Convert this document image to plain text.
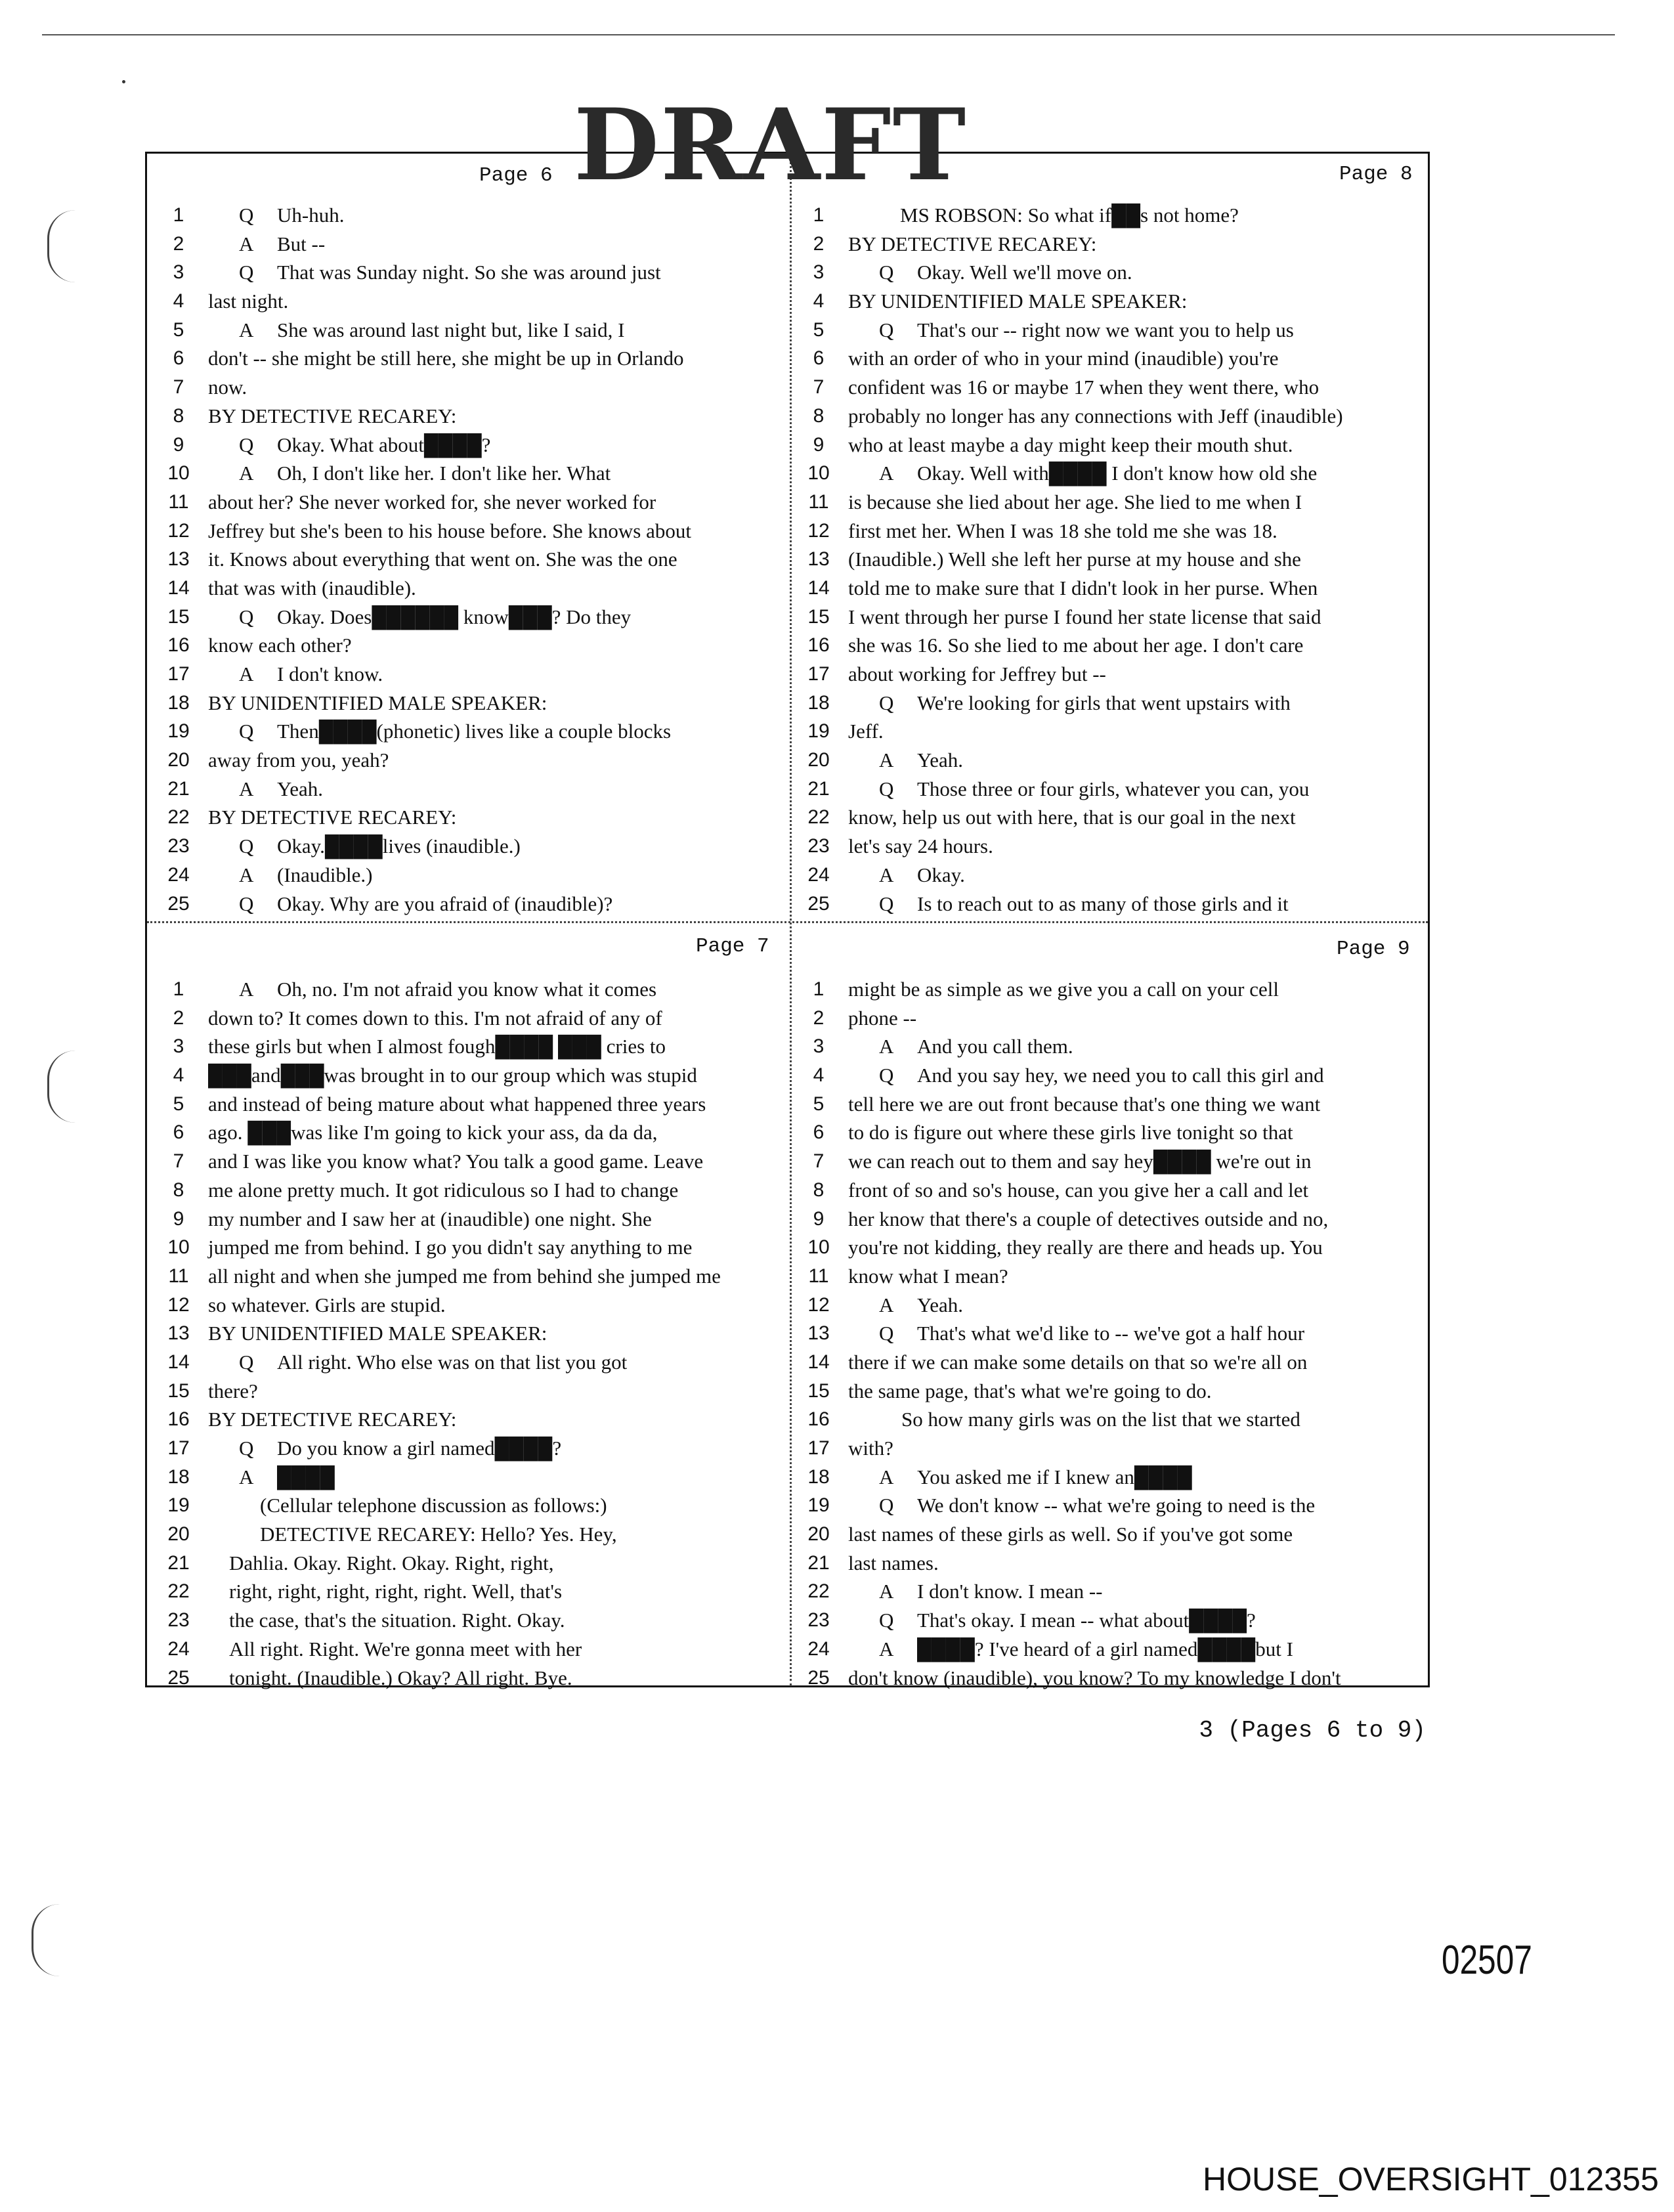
DRAFT
Page 6	Page 8
Page 7	Page 9
1	Q Uh-huh.
2	A But --
3	Q That was Sunday night. So she was around just
4	last night.
5	A She was around last night but, like I said, I
6	don't -- she might be still here, she might be up in Orlando
7	now.
8	BY DETECTIVE RECAREY:
9	Q Okay. What about████?
10	A Oh, I don't like her. I don't like her. What
11 about her? She never worked for, she never worked for
12 Jeffrey but she's been to his house before. She knows about
13 it. Knows about everything that went on. She was the one
14 that was with (inaudible).
15	Q Okay. Does██████ know███? Do they
16 know each other?
17	A I don't know.
18 BY UNIDENTIFIED MALE SPEAKER:
19	Q Then████(phonetic) lives like a couple blocks
20 away from you, yeah?
21	A Yeah.
22 BY DETECTIVE RECAREY:
23	Q Okay.████lives (inaudible.)
24	A (Inaudible.)
25	Q Okay. Why are you afraid of (inaudible)?
1	MS ROBSON: So what if██s not home?
2	BY DETECTIVE RECAREY:
3	Q Okay. Well we'll move on.
4	BY UNIDENTIFIED MALE SPEAKER:
5	Q That's our -- right now we want you to help us
6	with an order of who in your mind (inaudible) you're
7	confident was 16 or maybe 17 when they went there, who
8	probably no longer has any connections with Jeff (inaudible)
9	who at least maybe a day might keep their mouth shut.
10	A Okay. Well with████ I don't know how old she
11 is because she lied about her age. She lied to me when I
12 first met her. When I was 18 she told me she was 18.
13 (Inaudible.) Well she left her purse at my house and she
14 told me to make sure that I didn't look in her purse. When
15 I went through her purse I found her state license that said
16 she was 16. So she lied to me about her age. I don't care
17 about working for Jeffrey but --
18	Q We're looking for girls that went upstairs with
19 Jeff.
20	A Yeah.
21	Q Those three or four girls, whatever you can, you
22 know, help us out with here, that is our goal in the next
23 let's say 24 hours.
24	A Okay.
25	Q Is to reach out to as many of those girls and it
1	A Oh, no. I'm not afraid you know what it comes
2	down to? It comes down to this. I'm not afraid of any of
3	these girls but when I almost fough████ ███ cries to
4	███and███was brought in to our group which was stupid
5	and instead of being mature about what happened three years
6	ago. ███was like I'm going to kick your ass, da da da,
7	and I was like you know what? You talk a good game. Leave
8	me alone pretty much. It got ridiculous so I had to change
9	my number and I saw her at (inaudible) one night. She
10 jumped me from behind. I go you didn't say anything to me
11 all night and when she jumped me from behind she jumped me
12 so whatever. Girls are stupid.
13 BY UNIDENTIFIED MALE SPEAKER:
14	Q All right. Who else was on that list you got
15 there?
16 BY DETECTIVE RECAREY:
17	Q Do you know a girl named████?
18	A ████
19	(Cellular telephone discussion as follows:)
20	DETECTIVE RECAREY: Hello? Yes. Hey,
21	Dahlia. Okay. Right. Okay. Right, right,
22	right, right, right, right, right. Well, that's
23	the case, that's the situation. Right. Okay.
24	All right. Right. We're gonna meet with her
25	tonight. (Inaudible.) Okay? All right. Bye.
1	might be as simple as we give you a call on your cell
2	phone --
3	A And you call them.
4	Q And you say hey, we need you to call this girl and
5	tell here we are out front because that's one thing we want
6	to do is figure out where these girls live tonight so that
7	we can reach out to them and say hey████ we're out in
8	front of so and so's house, can you give her a call and let
9	her know that there's a couple of detectives outside and no,
10 you're not kidding, they really are there and heads up. You
11 know what I mean?
12	A Yeah.
13	Q That's what we'd like to -- we've got a half hour
14 there if we can make some details on that so we're all on
15 the same page, that's what we're going to do.
16	So how many girls was on the list that we started
17 with?
18	A You asked me if I knew an████
19	Q We don't know -- what we're going to need is the
20 last names of these girls as well. So if you've got some
21 last names.
22	A I don't know. I mean --
23	Q That's okay. I mean -- what about████?
24	A ████? I've heard of a girl named████but I
25 don't know (inaudible), you know? To my knowledge I don't
3 (Pages 6 to 9)
02507
HOUSE_OVERSIGHT_012355
